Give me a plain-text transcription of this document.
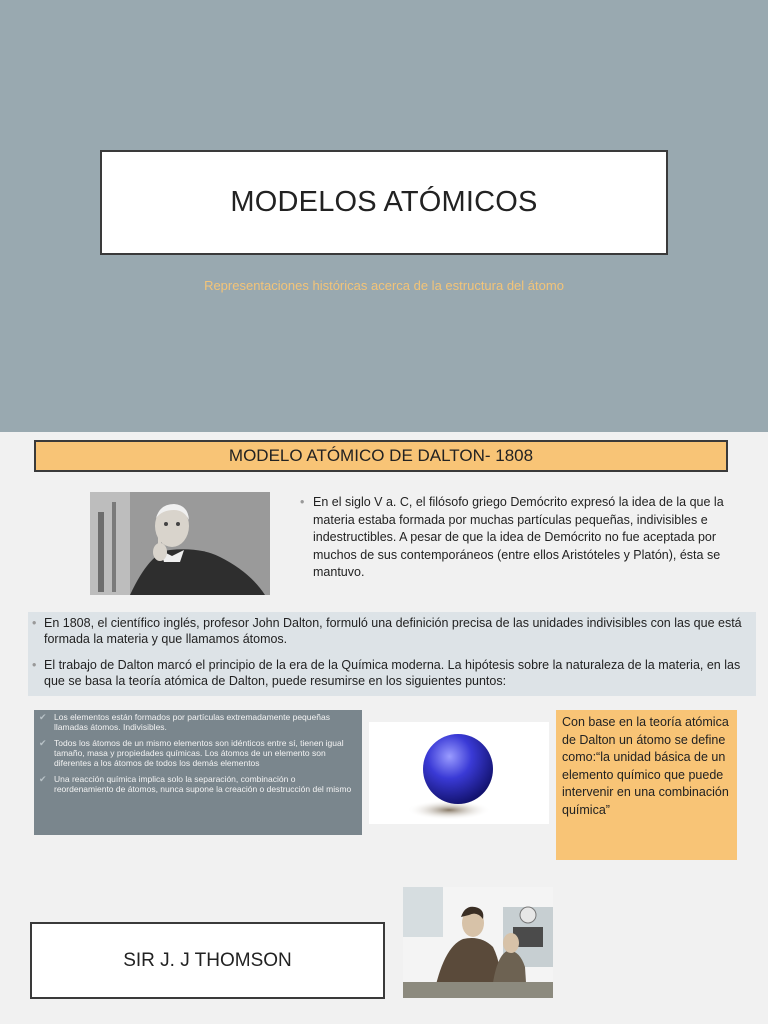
MODELOS ATÓMICOS
Representaciones históricas acerca de la estructura del átomo
MODELO ATÓMICO DE DALTON- 1808
• En el siglo V a. C, el filósofo griego Demócrito expresó la idea de la que la materia estaba formada por muchas partículas pequeñas, indivisibles e indestructibles. A pesar de que la idea de Demócrito no fue aceptada por muchos de sus contemporáneos (entre ellos Aristóteles y Platón), ésta se mantuvo.
• En 1808, el científico inglés, profesor John Dalton, formuló una definición precisa de las unidades indivisibles con las que está formada la materia y que llamamos átomos.
• El trabajo de Dalton marcó el principio de la era de la Química moderna. La hipótesis sobre la naturaleza de la materia, en las que se basa la teoría atómica de Dalton, puede resumirse en los siguientes puntos:
✔ Los elementos están formados por partículas extremadamente pequeñas llamadas átomos. Indivisibles.
✔ Todos los átomos de un mismo elementos son idénticos entre sí, tienen igual tamaño, masa y propiedades químicas. Los átomos de un elemento son diferentes a los átomos de todos los demás elementos
✔ Una reacción química implica solo la separación, combinación o reordenamiento de átomos, nunca supone la creación o destrucción del mismo
Con base en la teoría atómica de Dalton un átomo se define como:“la unidad básica de un elemento químico que puede intervenir en una combinación química”
SIR J. J THOMSON
